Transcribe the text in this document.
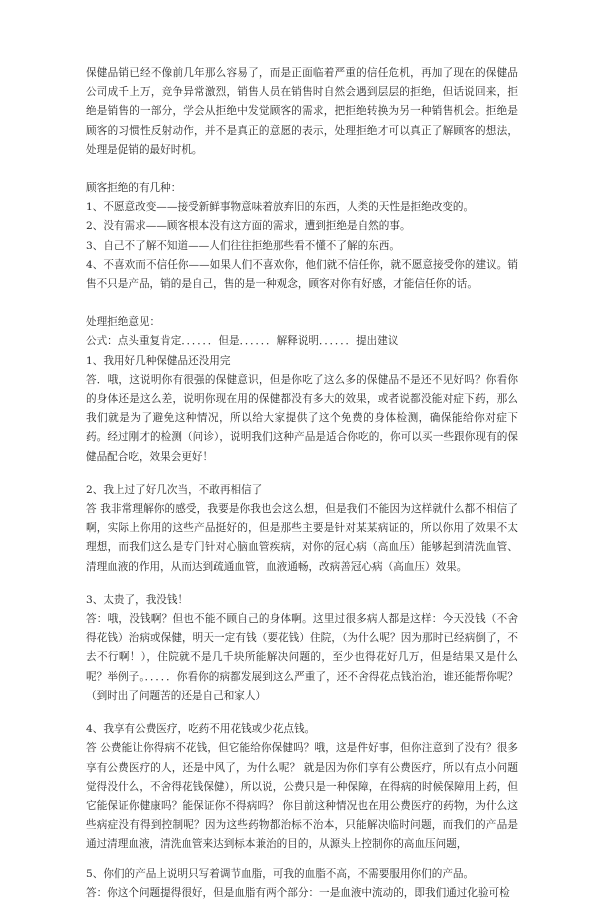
保健品销已经不像前几年那么容易了，而是正面临着严重的信任危机，再加了现在的保健品公司成千上万，竞争异常激烈，销售人员在销售时自然会遇到层层的拒绝，但话说回来，拒绝是销售的一部分，学会从拒绝中发觉顾客的需求，把拒绝转换为另一种销售机会。拒绝是顾客的习惯性反射动作，并不是真正的意愿的表示，处理拒绝才可以真正了解顾客的想法，处理是促销的最好时机。

顾客拒绝的有几种：

1、不愿意改变——接受新鲜事物意味着放弃旧的东西，人类的天性是拒绝改变的。

2、没有需求——顾客根本没有这方面的需求，遭到拒绝是自然的事。

3、自己不了解不知道——人们往往拒绝那些看不懂不了解的东西。

4、不喜欢而不信任你——如果人们不喜欢你，他们就不信任你，就不愿意接受你的建议。销售不只是产品，销的是自己，售的是一种观念，顾客对你有好感，才能信任你的话。

处理拒绝意见：

公式：点头重复肯定．．．．．．但是．．．．．．解释说明．．．．．．提出建议

1、我用好几种保健品还没用完

答．哦，这说明你有很强的保健意识，但是你吃了这么多的保健品不是还不见好吗？你看你的身体还是这么差，说明你现在用的保健都没有多大的效果，或者说都没能对症下药，那么我们就是为了避免这种情况，所以给大家提供了这个免费的身体检测，确保能给你对症下药。经过刚才的检测（问诊），说明我们这种产品是适合你吃的，你可以买一些跟你现有的保健品配合吃，效果会更好！

2、我上过了好几次当，不敢再相信了

答 我非常理解你的感受，我要是你我也会这么想，但是我们不能因为这样就什么都不相信了啊，实际上你用的这些产品挺好的，但是那些主要是针对某某病证的，所以你用了效果不太理想，而我们这么是专门针对心脑血管疾病，对你的冠心病（高血压）能够起到清洗血管、清理血液的作用，从而达到疏通血管，血液通畅，改病善冠心病（高血压）效果。

3、太贵了，我没钱！

答：哦，没钱啊？但也不能不顾自己的身体啊。这里过很多病人都是这样：今天没钱（不舍得花钱）治病或保健，明天一定有钱（要花钱）住院，（为什么呢？因为那时已经病倒了，不去不行啊！），住院就不是几千块所能解决问题的，至少也得花好几万，但是结果又是什么呢？举例子。．．．．．你看你的病都发展到这么严重了，还不舍得花点钱治治，谁还能帮你呢？（到时出了问题苦的还是自己和家人）

4、我享有公费医疗，吃药不用花钱或少花点钱。

答 公费能让你得病不花钱，但它能给你保健吗？哦，这是件好事，但你注意到了没有？很多享有公费医疗的人，还是中风了，为什么呢？ 就是因为你们享有公费医疗，所以有点小问题觉得没什么，不舍得花钱保健），所以说，公费只是一种保障，在得病的时候保障用上药，但它能保证你健康吗？能保证你不得病吗？ 你目前这种情况也在用公费医疗的药物，为什么这些病症没有得到控制呢？因为这些药物都治标不治本，只能解决临时问题，而我们的产品是通过清理血液，清洗血管来达到标本兼治的目的，从源头上控制你的高血压问题，

5、你们的产品上说明只写着调节血脂，可我的血脂不高，不需要服用你们的产品。

答：你这个问题提得很好，但是血脂有两个部分：一是血液中流动的，即我们通过化验可检
